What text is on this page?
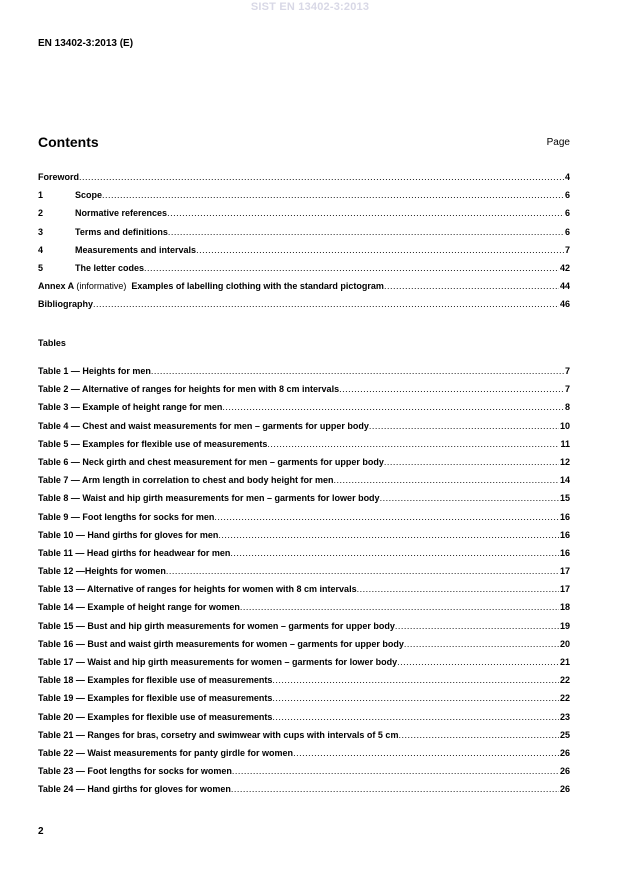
SIST EN 13402-3:2013
EN 13402-3:2013 (E)
Contents	Page
Foreword .....	4
1	Scope .....	6
2	Normative references .....	6
3	Terms and definitions .....	6
4	Measurements and intervals .....	7
5	The letter codes .....	42
Annex A (informative) Examples of labelling clothing with the standard pictogram .....	44
Bibliography .....	46
Tables
Table 1 — Heights for men .....	7
Table 2 — Alternative of ranges for heights for men with 8 cm intervals .....	7
Table 3 — Example of height range for men .....	8
Table 4 — Chest and waist measurements for men – garments for upper body .....	10
Table 5 — Examples for flexible use of measurements .....	11
Table 6 — Neck girth and chest measurement for men – garments for upper body .....	12
Table 7 — Arm length in correlation to chest and body height for men .....	14
Table 8 — Waist and hip girth measurements for men – garments for lower body .....	15
Table 9 — Foot lengths for socks for men .....	16
Table 10 — Hand girths for gloves for men .....	16
Table 11 — Head girths for headwear for men .....	16
Table 12 —Heights for women .....	17
Table 13 — Alternative of ranges for heights for women with 8 cm intervals .....	17
Table 14 — Example of height range for women .....	18
Table 15 — Bust and hip girth measurements for women – garments for upper body .....	19
Table 16 — Bust and waist girth measurements for women – garments for upper body .....	20
Table 17 — Waist and hip girth measurements for women – garments for lower body .....	21
Table 18 — Examples for flexible use of measurements .....	22
Table 19 — Examples for flexible use of measurements .....	22
Table 20 — Examples for flexible use of measurements .....	23
Table 21 — Ranges for bras, corsetry and swimwear with cups with intervals of 5 cm .....	25
Table 22 — Waist measurements for panty girdle for women .....	26
Table 23 — Foot lengths for socks for women .....	26
Table 24 — Hand girths for gloves for women .....	26
2
